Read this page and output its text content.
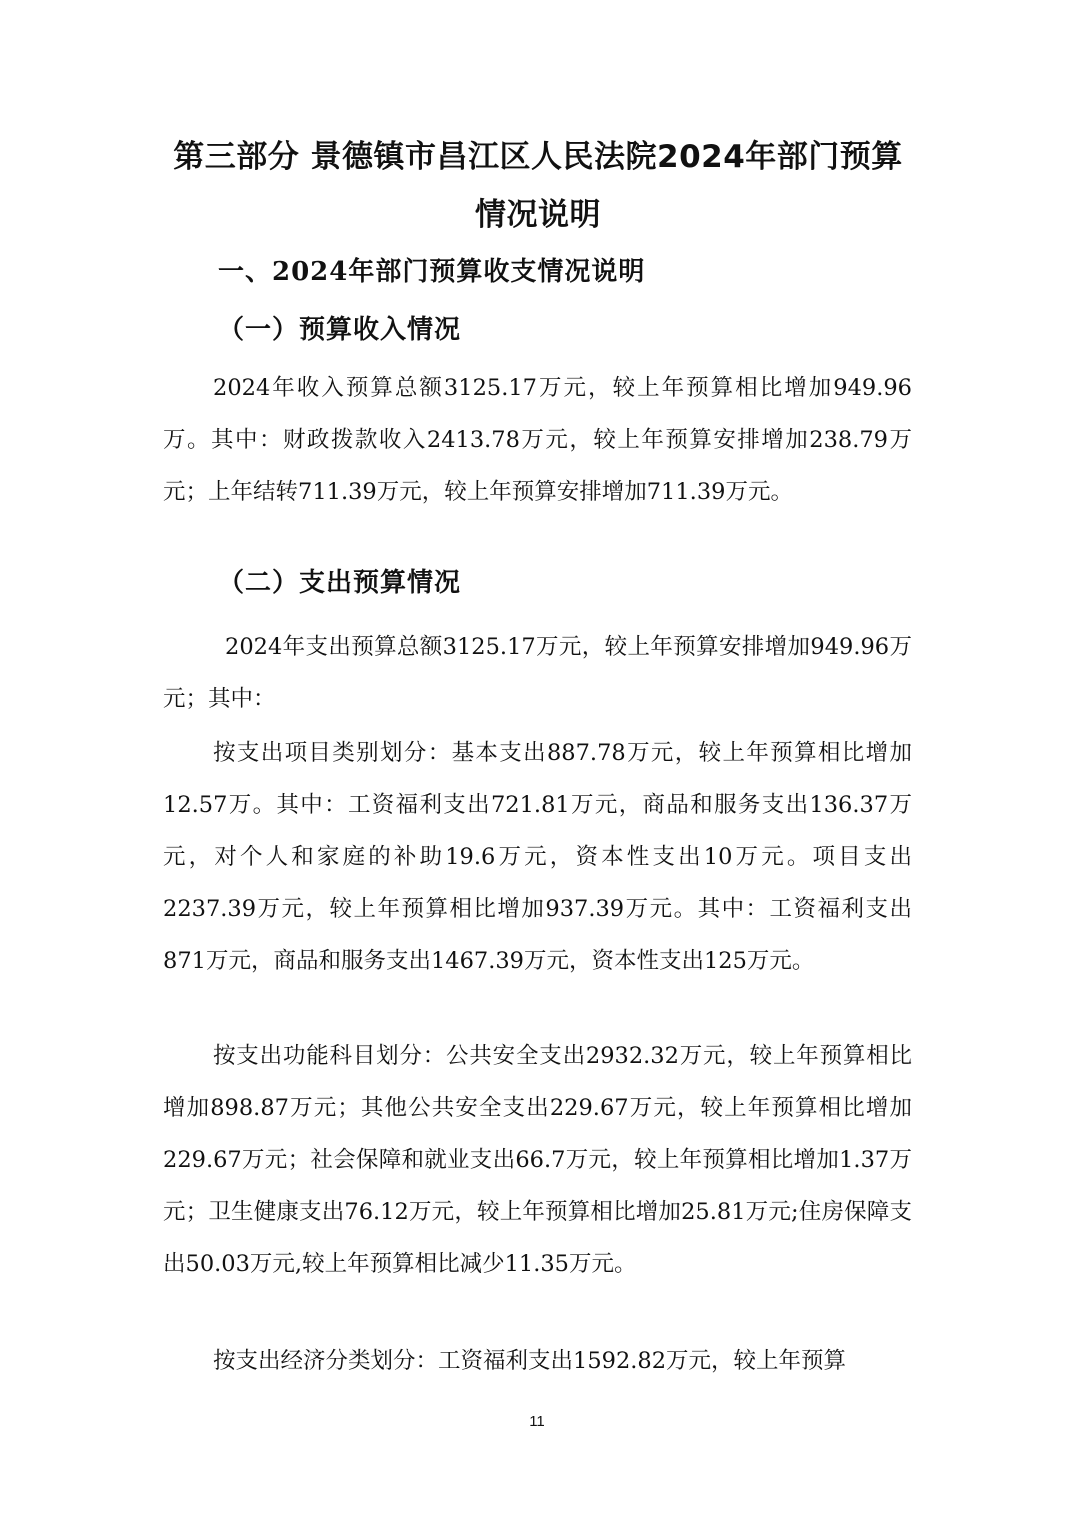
第三部分 景德镇市昌江区人民法院2024年部门预算
情况说明
一、2024年部门预算收支情况说明
（一）预算收入情况

2024年收入预算总额3125.17万元，较上年预算相比增加949.96万。其中：财政拨款收入2413.78万元，较上年预算安排增加238.79万元；上年结转711.39万元，较上年预算安排增加711.39万元。

（二）支出预算情况

2024年支出预算总额3125.17万元，较上年预算安排增加949.96万元；其中：

按支出项目类别划分：基本支出887.78万元，较上年预算相比增加12.57万。其中：工资福利支出721.81万元，商品和服务支出136.37万元，对个人和家庭的补助19.6万元，资本性支出10万元。项目支出2237.39万元，较上年预算相比增加937.39万元。其中：工资福利支出871万元，商品和服务支出1467.39万元，资本性支出125万元。

按支出功能科目划分：公共安全支出2932.32万元，较上年预算相比增加898.87万元；其他公共安全支出229.67万元，较上年预算相比增加229.67万元；社会保障和就业支出66.7万元，较上年预算相比增加1.37万元；卫生健康支出76.12万元，较上年预算相比增加25.81万元;住房保障支出50.03万元,较上年预算相比减少11.35万元。

按支出经济分类划分：工资福利支出1592.82万元，较上年预算

11
